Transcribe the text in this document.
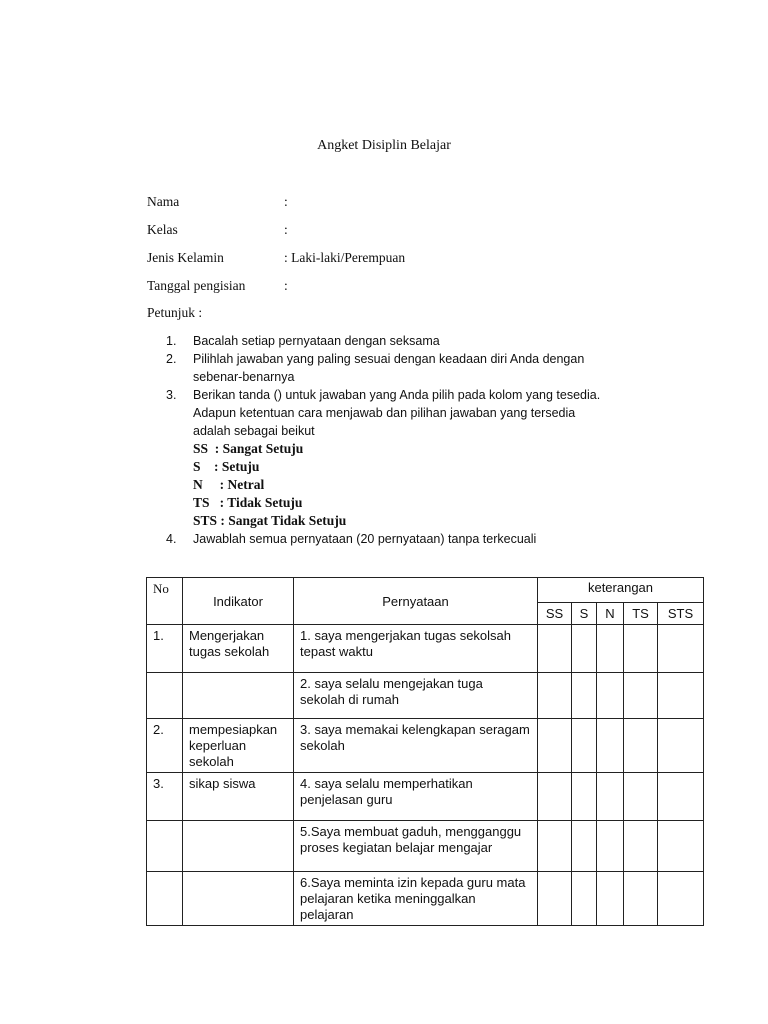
Angket Disiplin Belajar
Nama	:
Kelas	:
Jenis Kelamin	: Laki-laki/Perempuan
Tanggal pengisian	:
Petunjuk :
1. Bacalah setiap pernyataan dengan seksama
2. Pilihlah jawaban yang paling sesuai dengan keadaan diri Anda dengan
sebenar-benarnya
3. Berikan tanda () untuk jawaban yang Anda pilih pada kolom yang tesedia.
Adapun ketentuan cara menjawab dan pilihan jawaban yang tersedia
adalah sebagai beikut
SS  : Sangat Setuju
S    : Setuju
N     : Netral
TS   : Tidak Setuju
STS : Sangat Tidak Setuju
4. Jawablah semua pernyataan (20 pernyataan) tanpa terkecuali
No	Indikator	Pernyataan	keterangan				
			SS	S	N	TS	STS
1.	Mengerjakan tugas sekolah	1. saya mengerjakan tugas sekolsah tepast waktu					
		2. saya selalu mengejakan tuga sekolah di rumah					
2.	mempesiapkan keperluan sekolah	3. saya memakai kelengkapan seragam sekolah					
3.	sikap siswa	4. saya selalu memperhatikan penjelasan guru					
		5.Saya membuat gaduh, mengganggu proses kegiatan belajar mengajar					
		6.Saya meminta izin kepada guru mata pelajaran ketika meninggalkan pelajaran					
